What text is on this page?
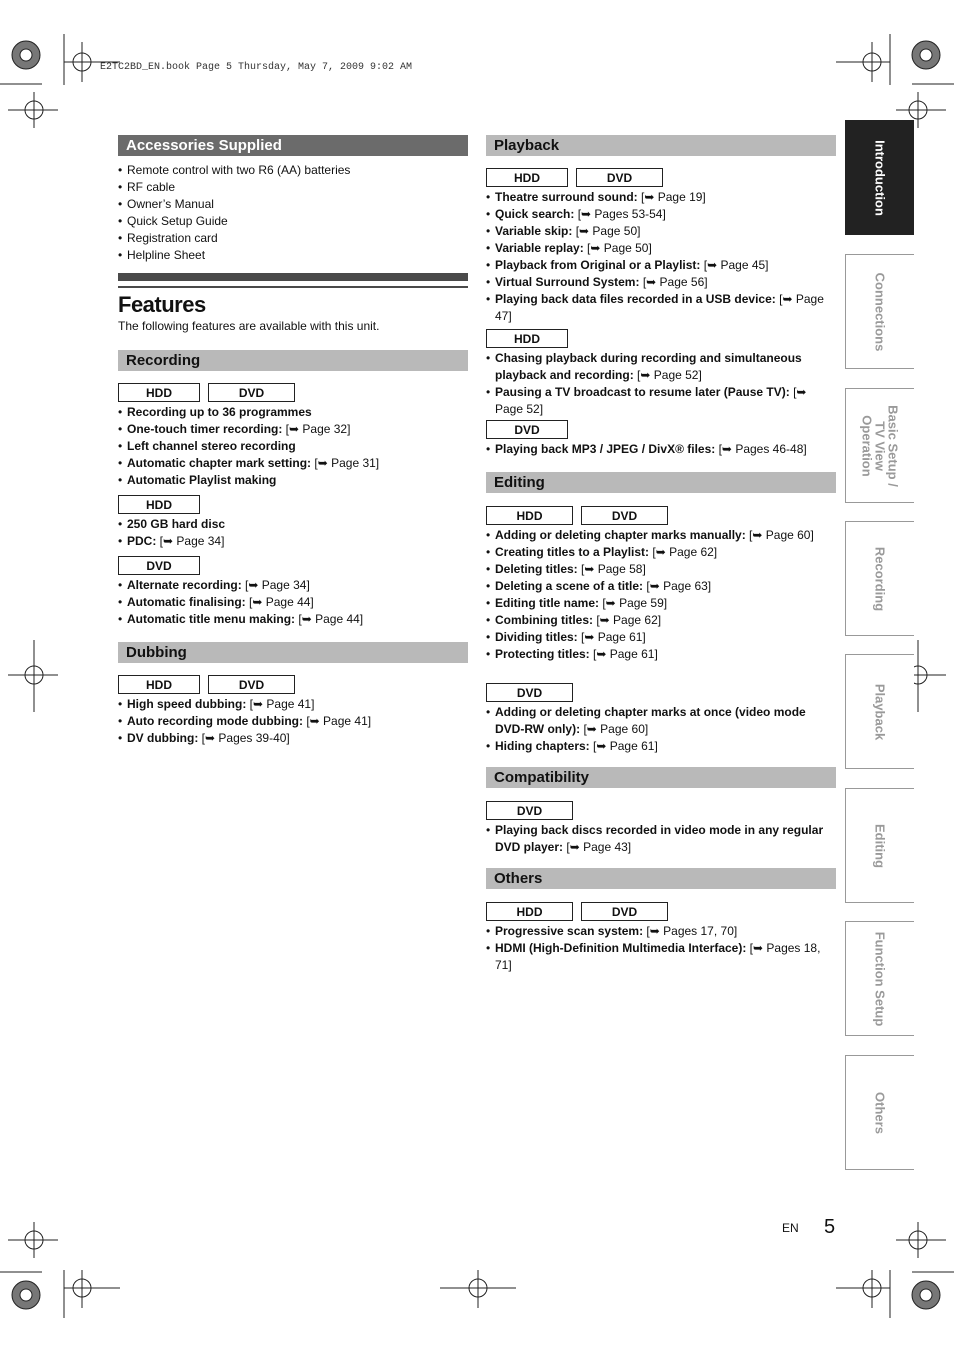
E2TC2BD_EN.book Page 5 Thursday, May 7, 2009 9:02 AM
Accessories Supplied
• Remote control with two R6 (AA) batteries
• RF cable
• Owner’s Manual
• Quick Setup Guide
• Registration card
• Helpline Sheet
Features
The following features are available with this unit.
Recording
HDD	DVD
• Recording up to 36 programmes
• One-touch timer recording: [➥ Page 32]
• Left channel stereo recording
• Automatic chapter mark setting: [➥ Page 31]
• Automatic Playlist making
HDD
• 250 GB hard disc
• PDC: [➥ Page 34]
DVD
• Alternate recording: [➥ Page 34]
• Automatic finalising: [➥ Page 44]
• Automatic title menu making: [➥ Page 44]
Dubbing
HDD	DVD
• High speed dubbing: [➥ Page 41]
• Auto recording mode dubbing: [➥ Page 41]
• DV dubbing: [➥ Pages 39-40]
Playback
HDD	DVD
• Theatre surround sound: [➥ Page 19]
• Quick search: [➥ Pages 53-54]
• Variable skip: [➥ Page 50]
• Variable replay: [➥ Page 50]
• Playback from Original or a Playlist: [➥ Page 45]
• Virtual Surround System: [➥ Page 56]
• Playing back data files recorded in a USB device: [➥ Page 47]
HDD
• Chasing playback during recording and simultaneous playback and recording: [➥ Page 52]
• Pausing a TV broadcast to resume later (Pause TV): [➥ Page 52]
DVD
• Playing back MP3 / JPEG / DivX® files: [➥ Pages 46-48]
Editing
HDD	DVD
• Adding or deleting chapter marks manually: [➥ Page 60]
• Creating titles to a Playlist: [➥ Page 62]
• Deleting titles: [➥ Page 58]
• Deleting a scene of a title: [➥ Page 63]
• Editing title name: [➥ Page 59]
• Combining titles: [➥ Page 62]
• Dividing titles: [➥ Page 61]
• Protecting titles: [➥ Page 61]
DVD
• Adding or deleting chapter marks at once (video mode DVD-RW only): [➥ Page 60]
• Hiding chapters: [➥ Page 61]
Compatibility
DVD
• Playing back discs recorded in video mode in any regular DVD player: [➥ Page 43]
Others
HDD	DVD
• Progressive scan system: [➥ Pages 17, 70]
• HDMI (High-Definition Multimedia Interface): [➥ Pages 18, 71]
Introduction
Connections
Basic Setup / TV View Operation
Recording
Playback
Editing
Function Setup
Others
EN 5
